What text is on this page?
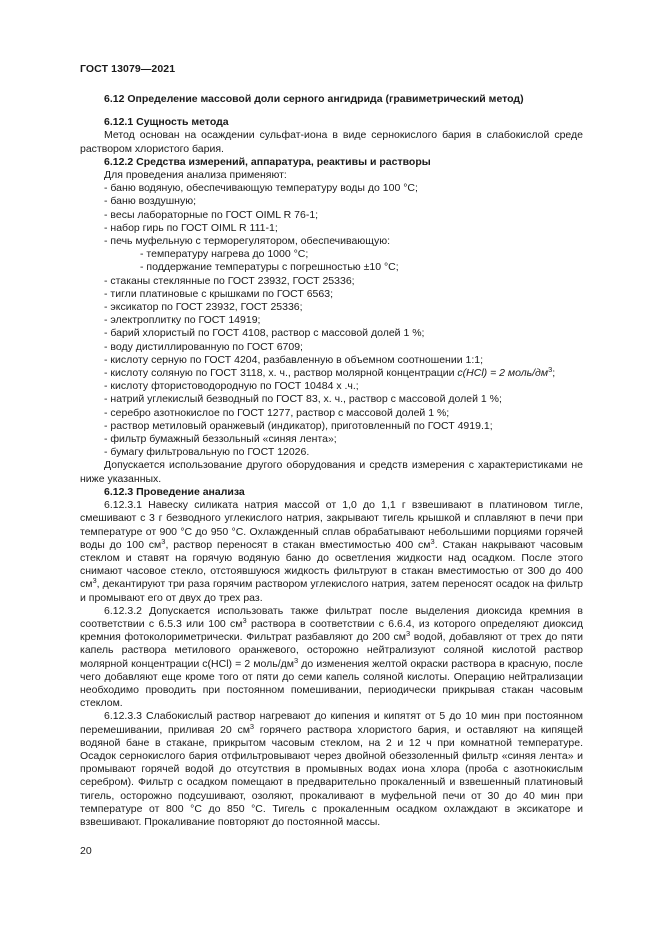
ГОСТ 13079—2021
6.12 Определение массовой доли серного ангидрида (гравиметрический метод)
6.12.1 Сущность метода

Метод основан на осаждении сульфат-иона в виде сернокислого бария в слабокислой среде раствором хлористого бария.

6.12.2 Средства измерений, аппаратура, реактивы и растворы

Для проведения анализа применяют:

- баню водяную, обеспечивающую температуру воды до 100 °С;
- баню воздушную;
- весы лабораторные по ГОСТ OIML R 76-1;
- набор гирь по ГОСТ OIML R 111-1;
- печь муфельную с терморегулятором, обеспечивающую:
- температуру нагрева до 1000 °С;
- поддержание температуры с погрешностью ±10 °С;
- стаканы стеклянные по ГОСТ 23932, ГОСТ 25336;
- тигли платиновые с крышками по ГОСТ 6563;
- эксикатор по ГОСТ 23932, ГОСТ 25336;
- электроплитку по ГОСТ 14919;
- барий хлористый по ГОСТ 4108, раствор с массовой долей 1 %;
- воду дистиллированную по ГОСТ 6709;
- кислоту серную по ГОСТ 4204, разбавленную в объемном соотношении 1:1;
- кислоту соляную по ГОСТ 3118, х. ч., раствор молярной концентрации c(HCl) = 2 моль/$дм^3$;
- кислоту фтористоводородную по ГОСТ 10484 х .ч.;
- натрий углекислый безводный по ГОСТ 83, х. ч., раствор с массовой долей 1 %;
- серебро азотнокислое по ГОСТ 1277, раствор с массовой долей 1 %;
- раствор метиловый оранжевый (индикатор), приготовленный по ГОСТ 4919.1;
- фильтр бумажный беззольный «синяя лента»;
- бумагу фильтровальную по ГОСТ 12026.

Допускается использование другого оборудования и средств измерения с характеристиками не ниже указанных.

6.12.3 Проведение анализа

6.12.3.1 Навеску силиката натрия массой от 1,0 до 1,1 г взвешивают в платиновом тигле, смешивают с 3 г безводного углекислого натрия, закрывают тигель крышкой и сплавляют в печи при температуре от 900 °С до 950 °С. Охлажденный сплав обрабатывают небольшими порциями горячей воды до 100 $см^3$, раствор переносят в стакан вместимостью 400 $см^3$. Стакан накрывают часовым стеклом и ставят на горячую водяную баню до осветления жидкости над осадком. После этого снимают часовое стекло, отстоявшуюся жидкость фильтруют в стакан вместимостью от 300 до 400 $см^3$, декантируют три раза горячим раствором углекислого натрия, затем переносят осадок на фильтр и промывают его от двух до трех раз.

6.12.3.2 Допускается использовать также фильтрат после выделения диоксида кремния в соответствии с 6.5.3 или 100 $см^3$ раствора в соответствии с 6.6.4, из которого определяют диоксид кремния фотоколориметрически. Фильтрат разбавляют до 200 $см^3$ водой, добавляют от трех до пяти капель раствора метилового оранжевого, осторожно нейтрализуют соляной кислотой раствор молярной концентрации c(HCl) = 2 моль/$дм^3$ до изменения желтой окраски раствора в красную, после чего добавляют еще кроме того от пяти до семи капель соляной кислоты. Операцию нейтрализации необходимо проводить при постоянном помешивании, периодически прикрывая стакан часовым стеклом.

6.12.3.3 Слабокислый раствор нагревают до кипения и кипятят от 5 до 10 мин при постоянном перемешивании, приливая 20 $см^3$ горячего раствора хлористого бария, и оставляют на кипящей водяной бане в стакане, прикрытом часовым стеклом, на 2 и 12 ч при комнатной температуре. Осадок сернокислого бария отфильтровывают через двойной обеззоленный фильтр «синяя лента» и промывают горячей водой до отсутствия в промывных водах иона хлора (проба с азотнокислым серебром). Фильтр с осадком помещают в предварительно прокаленный и взвешенный платиновый тигель, осторожно подсушивают, озоляют, прокаливают в муфельной печи от 30 до 40 мин при температуре от 800 °С до 850 °С. Тигель с прокаленным осадком охлаждают в эксикаторе и взвешивают. Прокаливание повторяют до постоянной массы.

20
